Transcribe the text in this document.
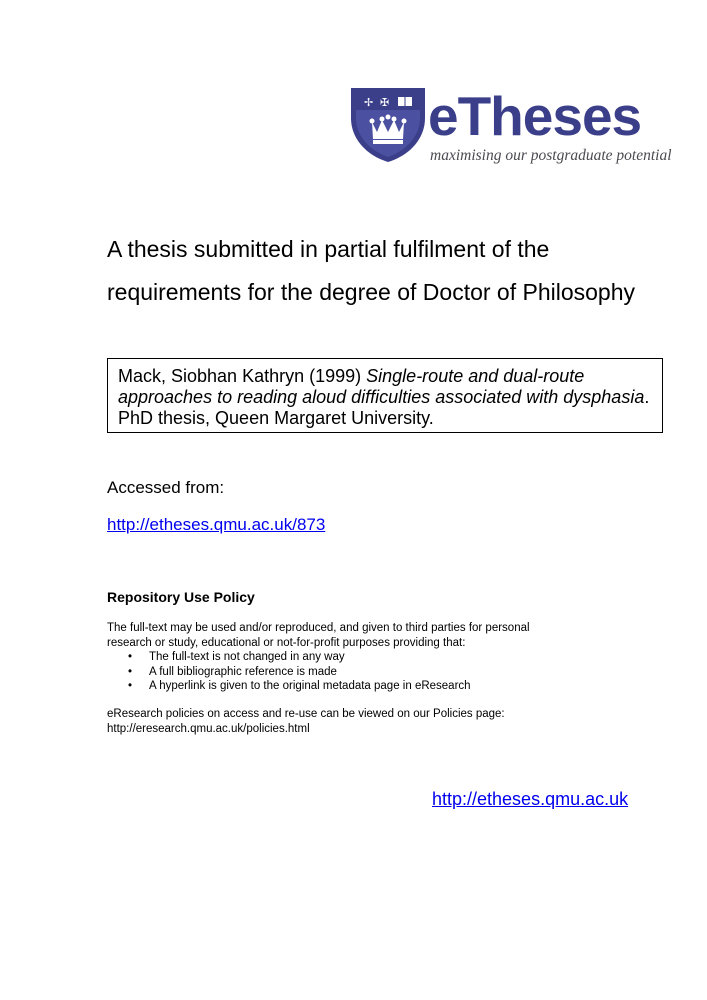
✢ ✠ eTheses
maximising our postgraduate potential

A thesis submitted in partial fulfilment of the

requirements for the degree of Doctor of Philosophy

Mack, Siobhan Kathryn (1999) Single-route and dual-route approaches to reading aloud difficulties associated with dysphasia. PhD thesis, Queen Margaret University.
Accessed from:
http://etheses.qmu.ac.uk/873
Repository Use Policy

The full-text may be used and/or reproduced, and given to third parties for personal

research or study, educational or not-for-profit purposes providing that:

• The full-text is not changed in any way
• A full bibliographic reference is made
• A hyperlink is given to the original metadata page in eResearch

eResearch policies on access and re-use can be viewed on our Policies page:

http://eresearch.qmu.ac.uk/policies.html

http://etheses.qmu.ac.uk
